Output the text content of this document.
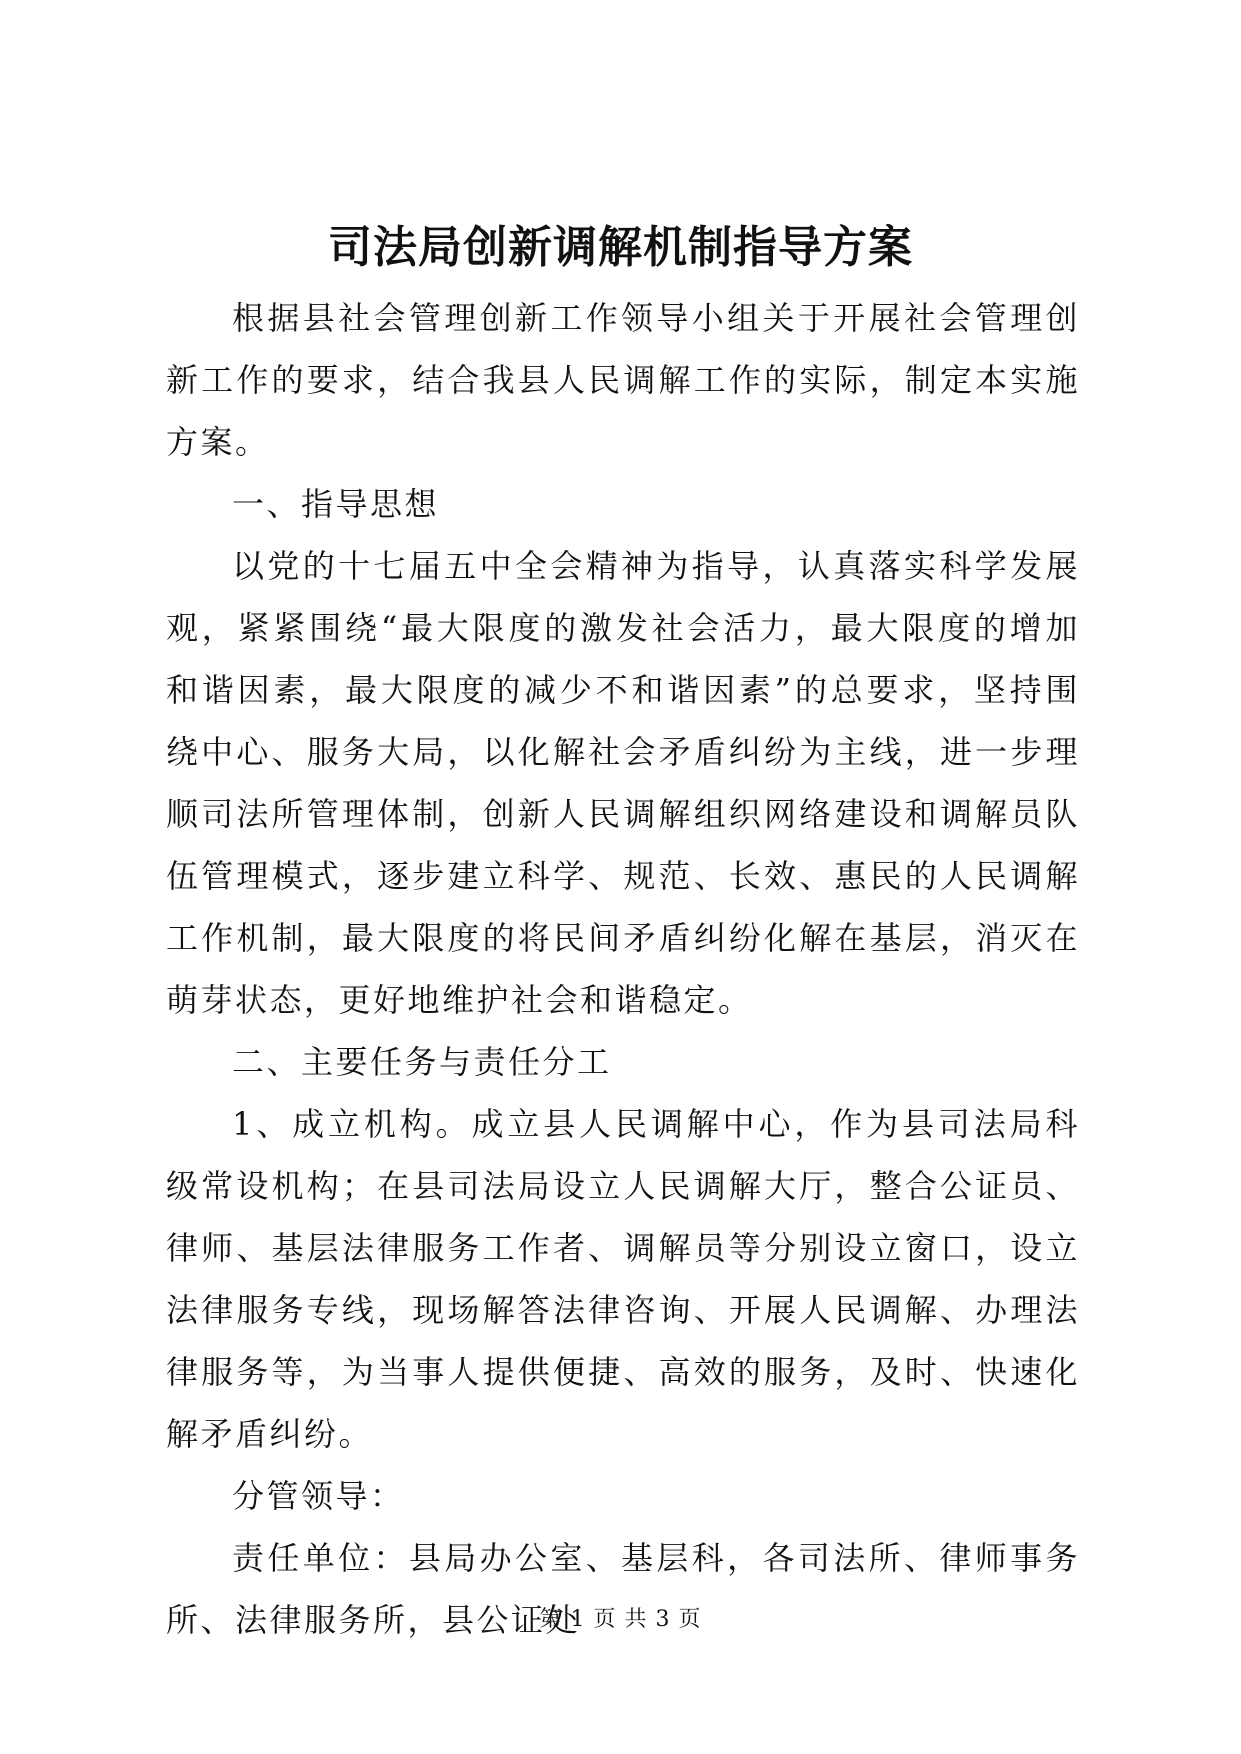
司法局创新调解机制指导方案

根据县社会管理创新工作领导小组关于开展社会管理创新工作的要求，结合我县人民调解工作的实际，制定本实施方案。

一、指导思想

以党的十七届五中全会精神为指导，认真落实科学发展观，紧紧围绕“最大限度的激发社会活力，最大限度的增加和谐因素，最大限度的减少不和谐因素”的总要求，坚持围绕中心、服务大局，以化解社会矛盾纠纷为主线，进一步理顺司法所管理体制，创新人民调解组织网络建设和调解员队伍管理模式，逐步建立科学、规范、长效、惠民的人民调解工作机制，最大限度的将民间矛盾纠纷化解在基层，消灭在萌芽状态，更好地维护社会和谐稳定。

二、主要任务与责任分工

1、成立机构。成立县人民调解中心，作为县司法局科级常设机构；在县司法局设立人民调解大厅，整合公证员、律师、基层法律服务工作者、调解员等分别设立窗口，设立法律服务专线，现场解答法律咨询、开展人民调解、办理法律服务等，为当事人提供便捷、高效的服务，及时、快速化解矛盾纠纷。

分管领导：

责任单位：县局办公室、基层科，各司法所、律师事务所、法律服务所，县公证处

第 1 页 共 3 页
